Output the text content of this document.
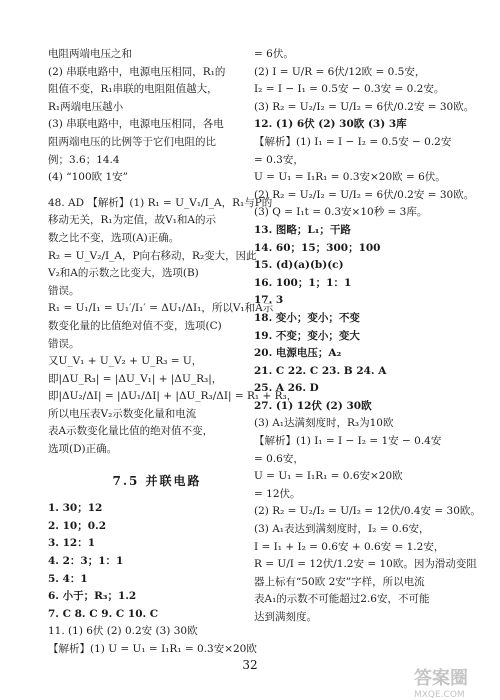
电阻两端电压之和
(2) 串联电路中，电源电压相同，R₁的
阻值不变，R₁串联的电阻阻值越大，
R₁两端电压越小
(3) 串联电路中，电源电压相同，各电
阻两端电压的比例等于它们电阻的比
例；3.6；14.4
(4) “100欧 1安”
48. AD 【解析】(1) R₁ = U_V₁/I_A，R₁与P的
移动无关，R₁为定值，故V₁和A的示
数之比不变，选项(A)正确。
R₂ = U_V₂/I_A，P向右移动，R₂变大，因此
V₂和A的示数之比变大，选项(B)
错误。
R₁ = U₁/I₁ = U₁′/I₁′ = ΔU₁/ΔI₁，所以V₁和A示
数变化量的比值绝对值不变，选项(C)
错误。
又U_V₁ + U_V₂ + U_R₃ = U，
即|ΔU_R₃| = |ΔU_V₁| + |ΔU_R₃|，
即|ΔU₂/ΔI| = |ΔU₁/ΔI| + |ΔU_R₃/ΔI| = R₁ + R₃，
所以电压表V₂示数变化量和电流
表A示数变化量比值的绝对值不变，
选项(D)正确。
7.5 并联电路
1. 30；12
2. 10；0.2
3. 12：1
4. 2：3；1：1
5. 4：1
6. 小于；R₃；1.2
7. C 8. C 9. C 10. C
11. (1) 6伏 (2) 0.2安 (3) 30欧
【解析】(1) U = U₁ = I₁R₁ = 0.3安×20欧
= 6伏。
(2) I = U/R = 6伏/12欧 = 0.5安，
I₂ = I − I₁ = 0.5安 − 0.3安 = 0.2安。
(3) R₂ = U₂/I₂ = U/I₂ = 6伏/0.2安 = 30欧。
12. (1) 6伏 (2) 30欧 (3) 3库
【解析】(1) I₁ = I − I₂ = 0.5安 − 0.2安
= 0.3安，
U = U₁ = I₁R₁ = 0.3安×20欧 = 6伏。
(2) R₂ = U₂/I₂ = U/I₂ = 6伏/0.2安 = 30欧。
(3) Q = I₁t = 0.3安×10秒 = 3库。
13. 图略；L₁；干路
14. 60；15；300；100
15. (d)(a)(b)(c)
16. 100；1；1：1
17. 3
18. 变小；变小；不变
19. 不变；变小；变大
20. 电源电压；A₂
21. C 22. C 23. B 24. A
25. A 26. D
27. (1) 12伏 (2) 30欧
(3) A₁达满刻度时，R₃为10欧
【解析】(1) I₁ = I − I₂ = 1安 − 0.4安
= 0.6安，
U = U₁ = I₁R₁ = 0.6安×20欧
= 12伏。
(2) R₂ = U₂/I₂ = U/I₂ = 12伏/0.4安 = 30欧。
(3) A₁表达到满刻度时，I₂ = 0.6安，
I = I₁ + I₂ = 0.6安 + 0.6安 = 1.2安，
R = U/I = 12伏/1.2安 = 10欧。因为滑动变阻
器上标有“50欧 2安”字样，所以电流
表A₁的示数不可能超过2.6安，不可能
达到满刻度。
32
答案圈
MXQE.COM
